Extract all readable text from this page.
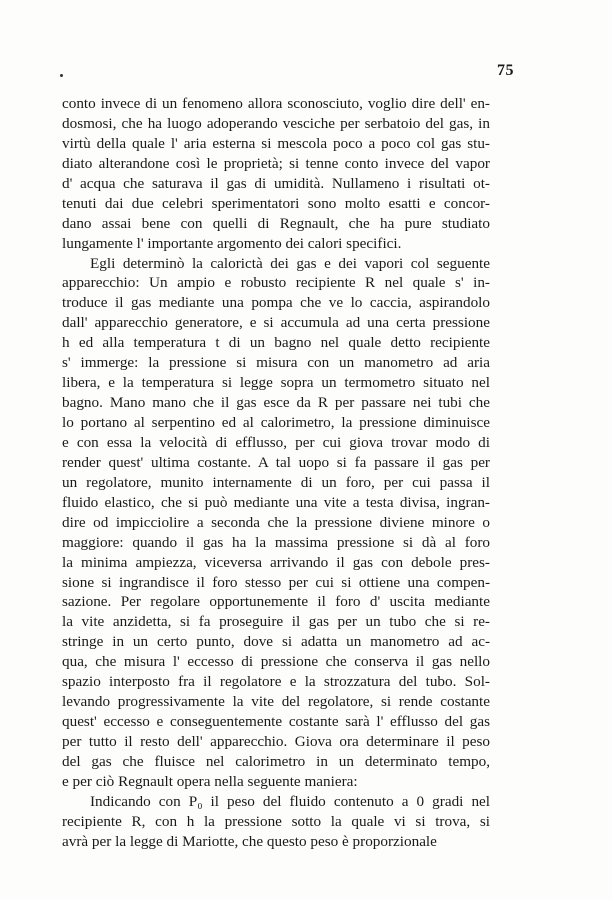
75
conto invece di un fenomeno allora sconosciuto, voglio dire dell' en-
dosmosi, che ha luogo adoperando vesciche per serbatoio del gas, in
virtù della quale l' aria esterna si mescola poco a poco col gas stu-
diato alterandone così le proprietà; si tenne conto invece del vapor
d' acqua che saturava il gas di umidità. Nullameno i risultati ot-
tenuti dai due celebri sperimentatori sono molto esatti e concor-
dano assai bene con quelli di Regnault, che ha pure studiato
lungamente l' importante argomento dei calori specifici.
Egli determinò la calorictà dei gas e dei vapori col seguente
apparecchio: Un ampio e robusto recipiente R nel quale s' in-
troduce il gas mediante una pompa che ve lo caccia, aspirandolo
dall' apparecchio generatore, e si accumula ad una certa pressione
h ed alla temperatura t di un bagno nel quale detto recipiente
s' immerge: la pressione si misura con un manometro ad aria
libera, e la temperatura si legge sopra un termometro situato nel
bagno. Mano mano che il gas esce da R per passare nei tubi che
lo portano al serpentino ed al calorimetro, la pressione diminuisce
e con essa la velocità di efflusso, per cui giova trovar modo di
render quest' ultima costante. A tal uopo si fa passare il gas per
un regolatore, munito internamente di un foro, per cui passa il
fluido elastico, che si può mediante una vite a testa divisa, ingran-
dire od impicciolire a seconda che la pressione diviene minore o
maggiore: quando il gas ha la massima pressione si dà al foro
la minima ampiezza, viceversa arrivando il gas con debole pres-
sione si ingrandisce il foro stesso per cui si ottiene una compen-
sazione. Per regolare opportunemente il foro d' uscita mediante
la vite anzidetta, si fa proseguire il gas per un tubo che si re-
stringe in un certo punto, dove si adatta un manometro ad ac-
qua, che misura l' eccesso di pressione che conserva il gas nello
spazio interposto fra il regolatore e la strozzatura del tubo. Sol-
levando progressivamente la vite del regolatore, si rende costante
quest' eccesso e conseguentemente costante sarà l' efflusso del gas
per tutto il resto dell' apparecchio. Giova ora determinare il peso
del gas che fluisce nel calorimetro in un determinato tempo,
e per ciò Regnault opera nella seguente maniera:
Indicando con P₀ il peso del fluido contenuto a 0 gradi nel
recipiente R, con h la pressione sotto la quale vi si trova, si
avrà per la legge di Mariotte, che questo peso è proporzionale
